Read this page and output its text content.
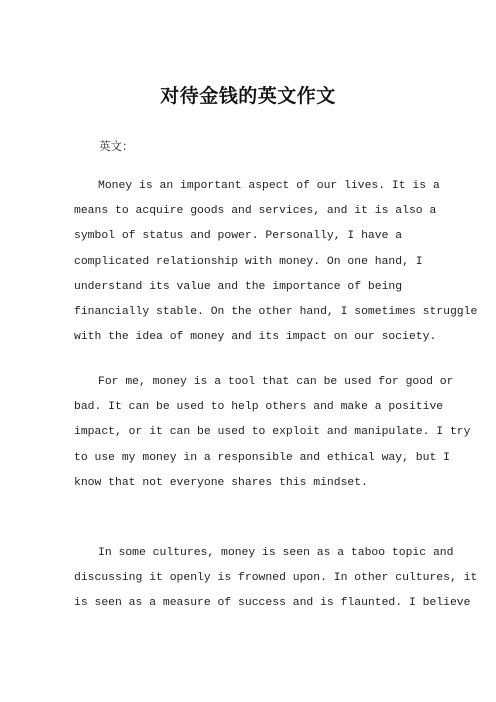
对待金钱的英文作文
英文：
Money is an important aspect of our lives. It is a
means to acquire goods and services, and it is also a
symbol of status and power. Personally, I have a
complicated relationship with money. On one hand, I
understand its value and the importance of being
financially stable. On the other hand, I sometimes struggle
with the idea of money and its impact on our society.
For me, money is a tool that can be used for good or
bad. It can be used to help others and make a positive
impact, or it can be used to exploit and manipulate. I try
to use my money in a responsible and ethical way, but I
know that not everyone shares this mindset.
In some cultures, money is seen as a taboo topic and
discussing it openly is frowned upon. In other cultures, it
is seen as a measure of success and is flaunted. I believe
